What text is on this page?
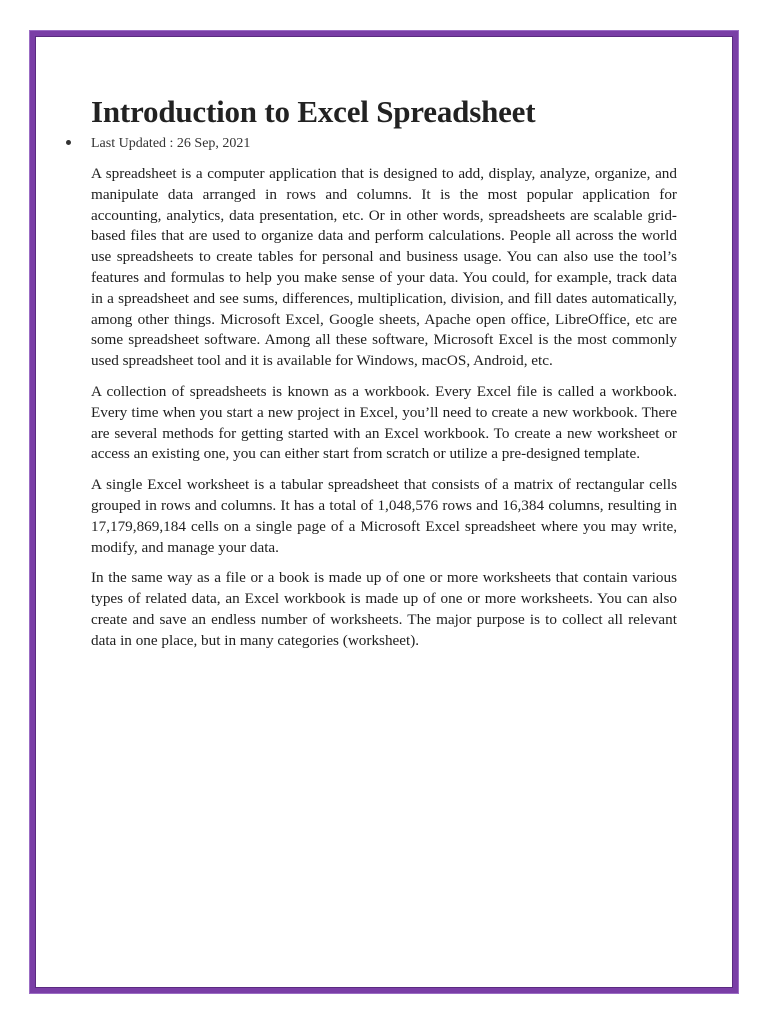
Introduction to Excel Spreadsheet
Last Updated : 26 Sep, 2021

A spreadsheet is a computer application that is designed to add, display, analyze, organize, and manipulate data arranged in rows and columns. It is the most popular application for accounting, analytics, data presentation, etc. Or in other words, spreadsheets are scalable grid-based files that are used to organize data and perform calculations. People all across the world use spreadsheets to create tables for personal and business usage. You can also use the tool’s features and formulas to help you make sense of your data. You could, for example, track data in a spreadsheet and see sums, differences, multiplication, division, and fill dates automatically, among other things. Microsoft Excel, Google sheets, Apache open office, LibreOffice, etc are some spreadsheet software. Among all these software, Microsoft Excel is the most commonly used spreadsheet tool and it is available for Windows, macOS, Android, etc.

A collection of spreadsheets is known as a workbook. Every Excel file is called a workbook. Every time when you start a new project in Excel, you’ll need to create a new workbook. There are several methods for getting started with an Excel workbook. To create a new worksheet or access an existing one, you can either start from scratch or utilize a pre-designed template.

A single Excel worksheet is a tabular spreadsheet that consists of a matrix of rectangular cells grouped in rows and columns. It has a total of 1,048,576 rows and 16,384 columns, resulting in 17,179,869,184 cells on a single page of a Microsoft Excel spreadsheet where you may write, modify, and manage your data.

In the same way as a file or a book is made up of one or more worksheets that contain various types of related data, an Excel workbook is made up of one or more worksheets. You can also create and save an endless number of worksheets. The major purpose is to collect all relevant data in one place, but in many categories (worksheet).
